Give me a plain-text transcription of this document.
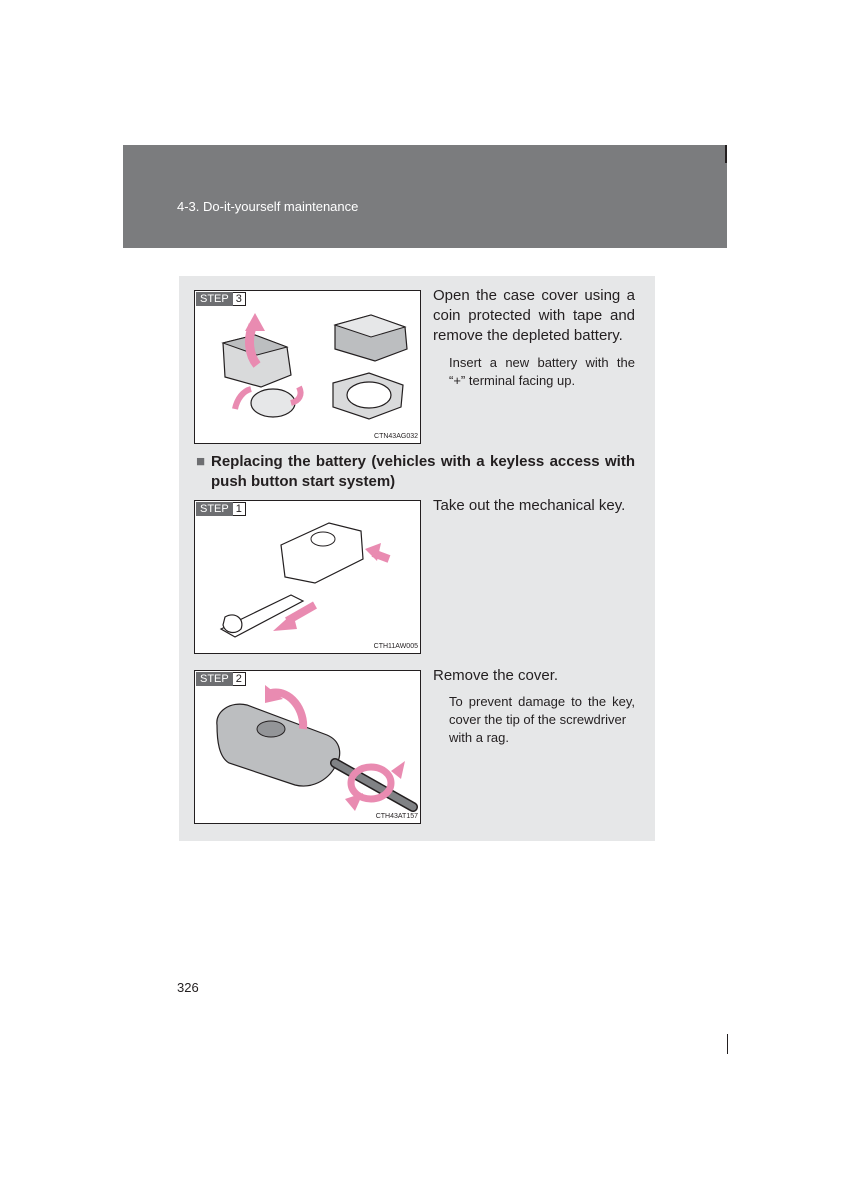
4-3. Do-it-yourself maintenance
STEP 3
CTN43AG032
Open the case cover using a
coin protected with tape and
remove the depleted battery.
Insert a new battery with the
“+” terminal facing up.
■ Replacing the battery (vehicles with a keyless access with
push button start system)
STEP 1
CTH11AW005
Take out the mechanical key.
STEP 2
CTH43AT157
Remove the cover.
To prevent damage to the key,
cover the tip of the screwdriver
with a rag.
326
